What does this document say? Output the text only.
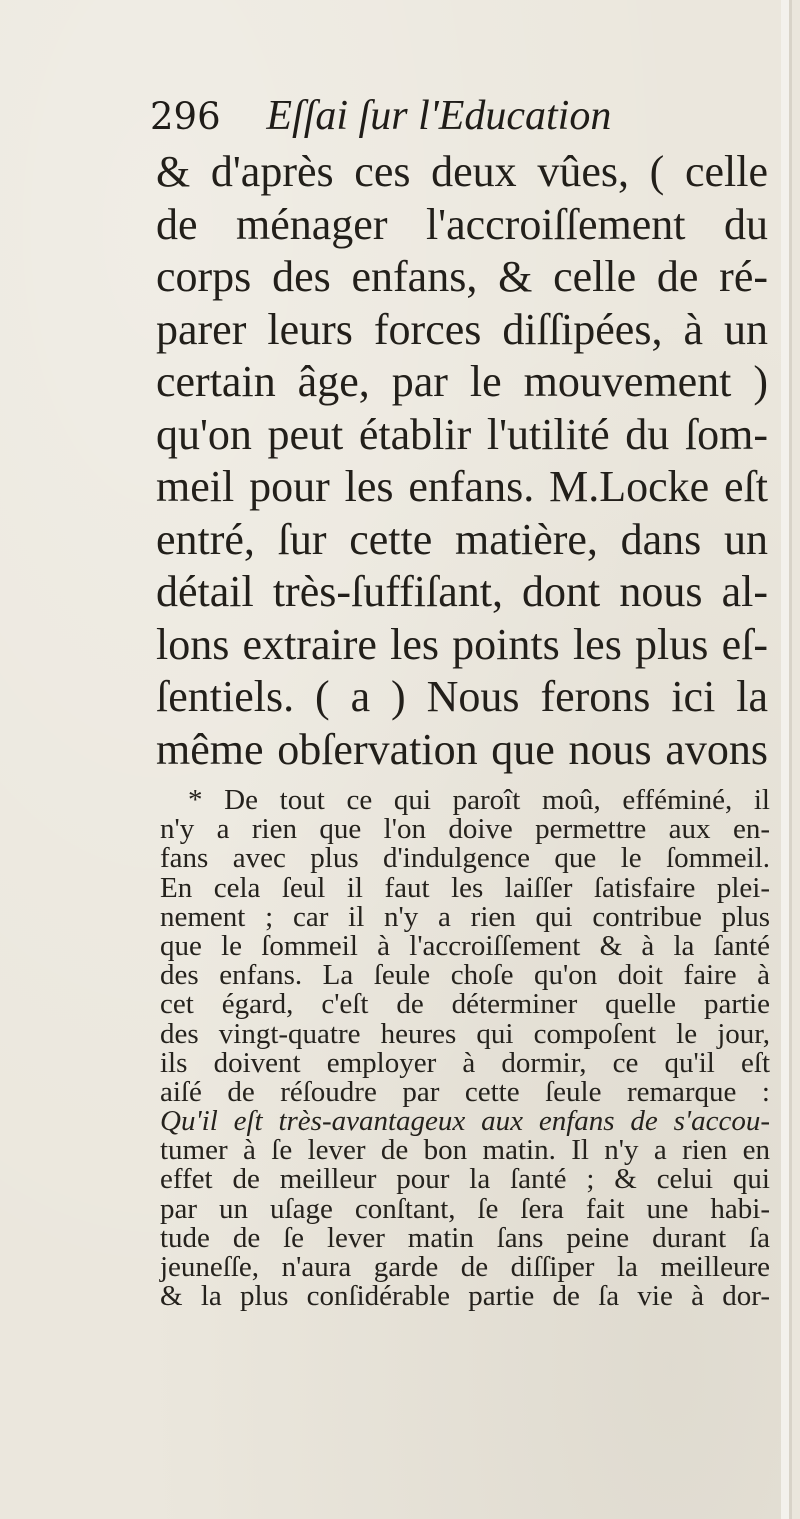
296 Eſſai ſur l'Education
& d'après ces deux vûes, ( celle
de ménager l'accroiſſement du
corps des enfans, & celle de ré-
parer leurs forces diſſipées, à un
certain âge, par le mouvement )
qu'on peut établir l'utilité du ſom-
meil pour les enfans. M.Locke eſt
entré, ſur cette matière, dans un
détail très-ſuffiſant, dont nous al-
lons extraire les points les plus eſ-
ſentiels. ( a ) Nous ferons ici la
même obſervation que nous avons
* De tout ce qui paroît moû, efféminé, il
n'y a rien que l'on doive permettre aux en-
fans avec plus d'indulgence que le ſommeil.
En cela ſeul il faut les laiſſer ſatisfaire plei-
nement ; car il n'y a rien qui contribue plus
que le ſommeil à l'accroiſſement & à la ſanté
des enfans. La ſeule choſe qu'on doit faire à
cet égard, c'eſt de déterminer quelle partie
des vingt-quatre heures qui compoſent le jour,
ils doivent employer à dormir, ce qu'il eſt
aiſé de réſoudre par cette ſeule remarque :
Qu'il eſt très-avantageux aux enfans de s'accou-
tumer à ſe lever de bon matin. Il n'y a rien en
effet de meilleur pour la ſanté ; & celui qui
par un uſage conſtant, ſe ſera fait une habi-
tude de ſe lever matin ſans peine durant ſa
jeuneſſe, n'aura garde de diſſiper la meilleure
& la plus conſidérable partie de ſa vie à dor-
